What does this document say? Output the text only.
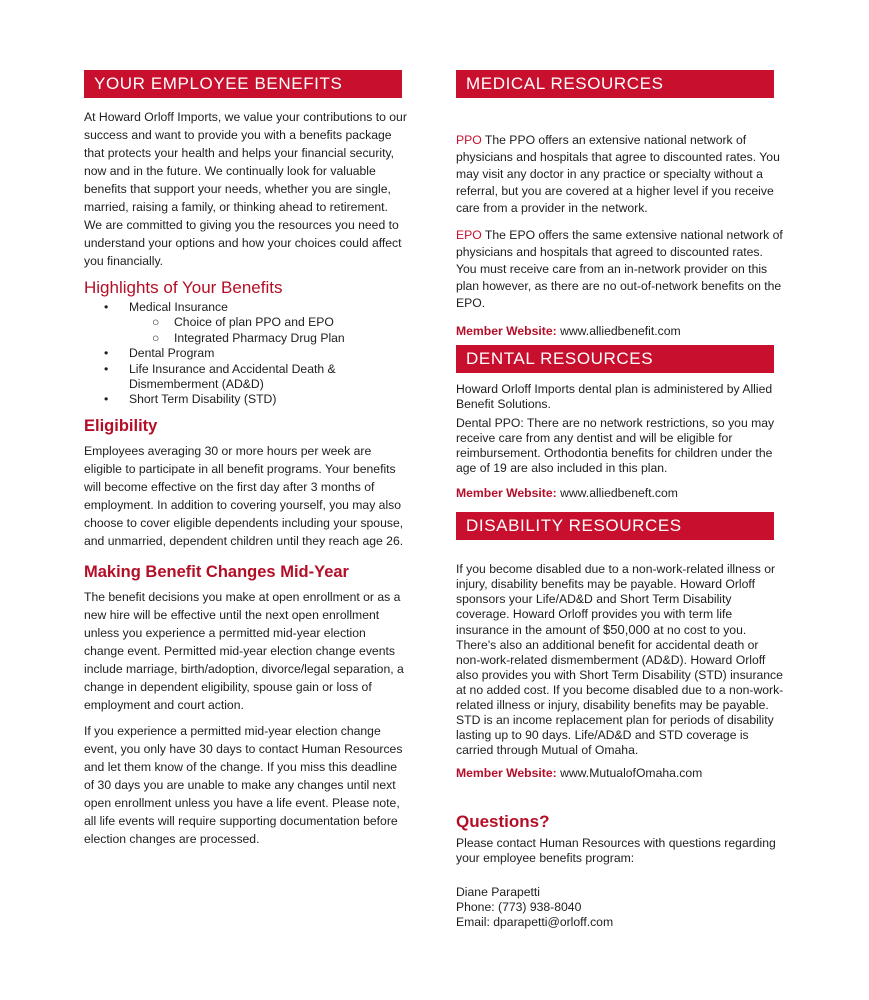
YOUR EMPLOYEE BENEFITS

At Howard Orloff Imports, we value your contributions to our success and want to provide you with a benefits package that protects your health and helps your financial security, now and in the future. We continually look for valuable benefits that support your needs, whether you are single, married, raising a family, or thinking ahead to retirement. We are committed to giving you the resources you need to understand your options and how your choices could affect you financially.

Highlights of Your Benefits
• Medical Insurance
○ Choice of plan PPO and EPO
○ Integrated Pharmacy Drug Plan
• Dental Program
• Life Insurance and Accidental Death & Dismemberment (AD&D)
• Short Term Disability (STD)
Eligibility

Employees averaging 30 or more hours per week are eligible to participate in all benefit programs. Your benefits will become effective on the first day after 3 months of employment. In addition to covering yourself, you may also choose to cover eligible dependents including your spouse, and unmarried, dependent children until they reach age 26.

Making Benefit Changes Mid-Year

The benefit decisions you make at open enrollment or as a new hire will be effective until the next open enrollment unless you experience a permitted mid-year election change event. Permitted mid-year election change events include marriage, birth/adoption, divorce/legal separation, a change in dependent eligibility, spouse gain or loss of employment and court action.

If you experience a permitted mid-year election change event, you only have 30 days to contact Human Resources and let them know of the change. If you miss this deadline of 30 days you are unable to make any changes until next open enrollment unless you have a life event. Please note, all life events will require supporting documentation before election changes are processed.

MEDICAL RESOURCES

PPO The PPO offers an extensive national network of physicians and hospitals that agree to discounted rates. You may visit any doctor in any practice or specialty without a referral, but you are covered at a higher level if you receive care from a provider in the network.

EPO The EPO offers the same extensive national network of physicians and hospitals that agreed to discounted rates. You must receive care from an in-network provider on this plan however, as there are no out-of-network benefits on the EPO.

Member Website: www.alliedbenefit.com

DENTAL RESOURCES

Howard Orloff Imports dental plan is administered by Allied Benefit Solutions.

Dental PPO: There are no network restrictions, so you may receive care from any dentist and will be eligible for reimbursement. Orthodontia benefits for children under the age of 19 are also included in this plan.

Member Website: www.alliedbeneft.com

DISABILITY RESOURCES

If you become disabled due to a non-work-related illness or injury, disability benefits may be payable. Howard Orloff sponsors your Life/AD&D and Short Term Disability coverage. Howard Orloff provides you with term life insurance in the amount of $50,000 at no cost to you. There's also an additional benefit for accidental death or non-work-related dismemberment (AD&D). Howard Orloff also provides you with Short Term Disability (STD) insurance at no added cost. If you become disabled due to a non-work-related illness or injury, disability benefits may be payable. STD is an income replacement plan for periods of disability lasting up to 90 days. Life/AD&D and STD coverage is carried through Mutual of Omaha.

Member Website: www.MutualofOmaha.com

Questions?

Please contact Human Resources with questions regarding your employee benefits program:

Diane Parapetti

Phone: (773) 938-8040

Email: dparapetti@orloff.com
